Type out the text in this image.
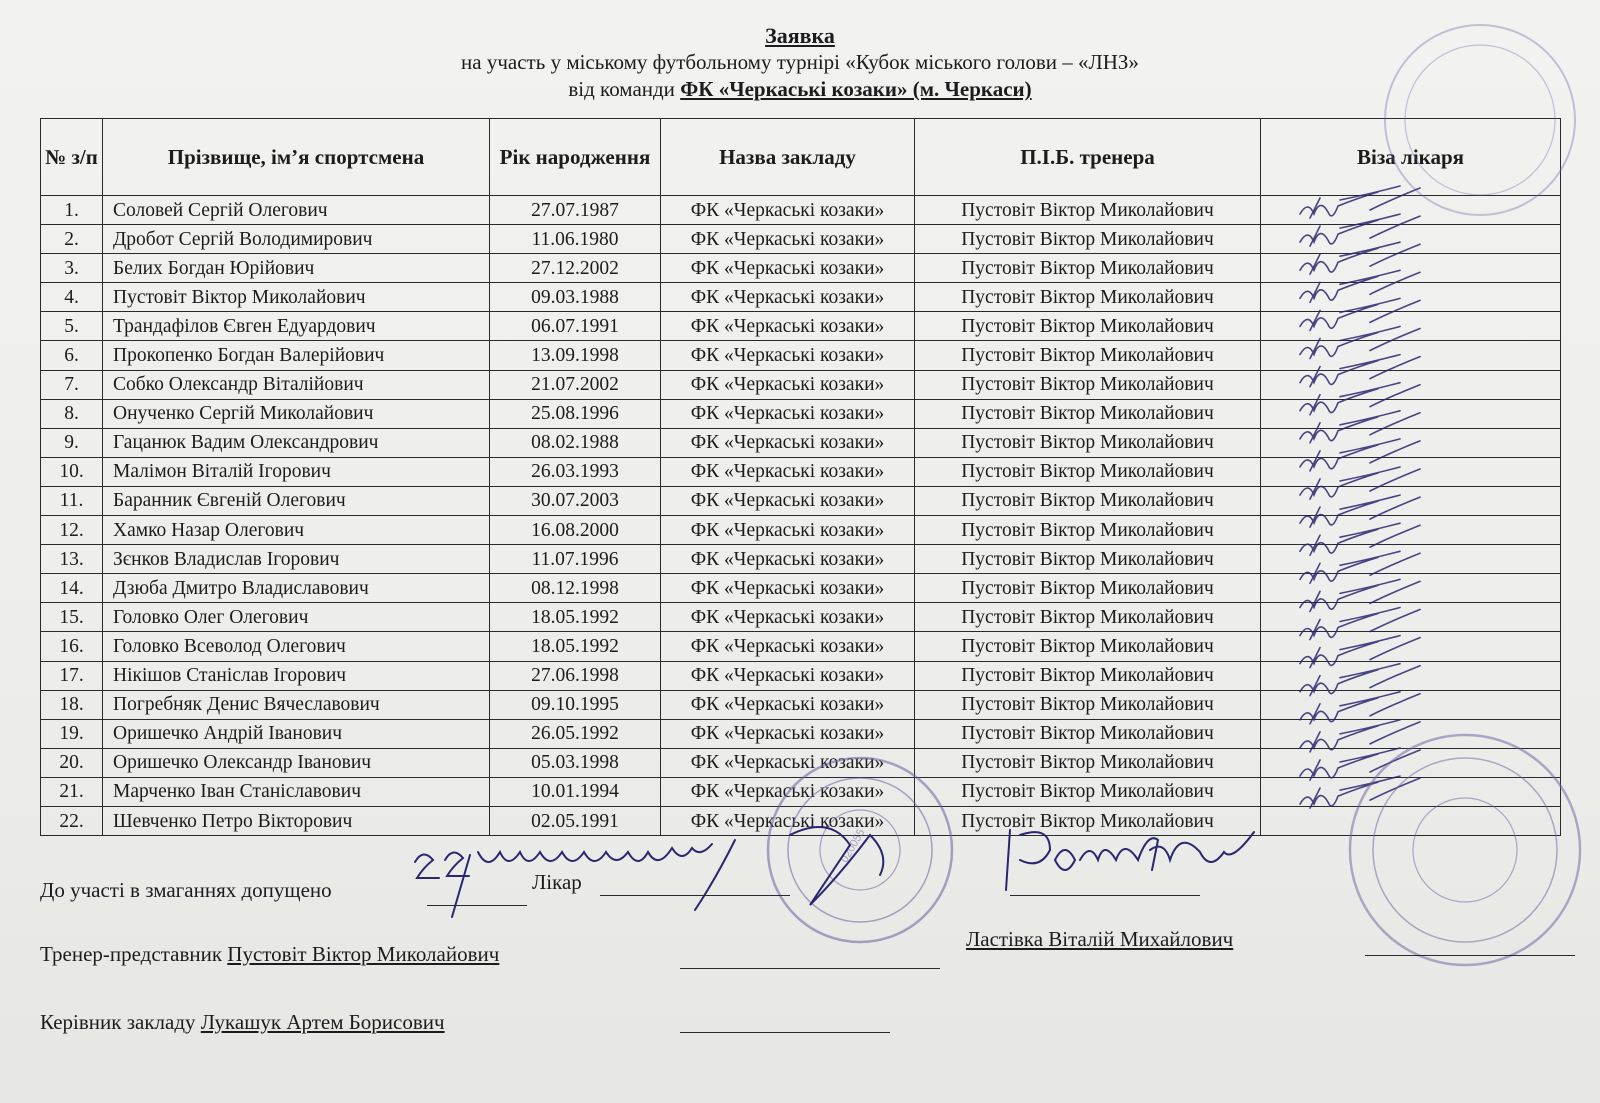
Заявка
на участь у міському футбольному турнірі «Кубок міського голови – «ЛНЗ»
від команди ФК «Черкаські козаки» (м. Черкаси)
№ з/п	Прізвище, ім’я спортсмена	Рік народження	Назва закладу	П.І.Б. тренера	Віза лікаря
1.	Соловей Сергій Олегович	27.07.1987	ФК «Черкаські козаки»	Пустовіт Віктор Миколайович	
2.	Дробот Сергій Володимирович	11.06.1980	ФК «Черкаські козаки»	Пустовіт Віктор Миколайович	
3.	Белих Богдан Юрійович	27.12.2002	ФК «Черкаські козаки»	Пустовіт Віктор Миколайович	
4.	Пустовіт Віктор Миколайович	09.03.1988	ФК «Черкаські козаки»	Пустовіт Віктор Миколайович	
5.	Трандафілов Євген Едуардович	06.07.1991	ФК «Черкаські козаки»	Пустовіт Віктор Миколайович	
6.	Прокопенко Богдан Валерійович	13.09.1998	ФК «Черкаські козаки»	Пустовіт Віктор Миколайович	
7.	Собко Олександр Віталійович	21.07.2002	ФК «Черкаські козаки»	Пустовіт Віктор Миколайович	
8.	Онученко Сергій Миколайович	25.08.1996	ФК «Черкаські козаки»	Пустовіт Віктор Миколайович	
9.	Гацанюк Вадим Олександрович	08.02.1988	ФК «Черкаські козаки»	Пустовіт Віктор Миколайович	
10.	Малімон Віталій Ігорович	26.03.1993	ФК «Черкаські козаки»	Пустовіт Віктор Миколайович	
11.	Баранник Євгеній Олегович	30.07.2003	ФК «Черкаські козаки»	Пустовіт Віктор Миколайович	
12.	Хамко Назар Олегович	16.08.2000	ФК «Черкаські козаки»	Пустовіт Віктор Миколайович	
13.	Зєнков Владислав Ігорович	11.07.1996	ФК «Черкаські козаки»	Пустовіт Віктор Миколайович	
14.	Дзюба Дмитро Владиславович	08.12.1998	ФК «Черкаські козаки»	Пустовіт Віктор Миколайович	
15.	Головко Олег Олегович	18.05.1992	ФК «Черкаські козаки»	Пустовіт Віктор Миколайович	
16.	Головко Всеволод Олегович	18.05.1992	ФК «Черкаські козаки»	Пустовіт Віктор Миколайович	
17.	Нікішов Станіслав Ігорович	27.06.1998	ФК «Черкаські козаки»	Пустовіт Віктор Миколайович	
18.	Погребняк Денис Вячеславович	09.10.1995	ФК «Черкаські козаки»	Пустовіт Віктор Миколайович	
19.	Оришечко Андрій Іванович	26.05.1992	ФК «Черкаські козаки»	Пустовіт Віктор Миколайович	
20.	Оришечко Олександр Іванович	05.03.1998	ФК «Черкаські козаки»	Пустовіт Віктор Миколайович	
21.	Марченко Іван Станіславович	10.01.1994	ФК «Черкаські козаки»	Пустовіт Віктор Миколайович	
22.	Шевченко Петро Вікторович	02.05.1991	ФК «Черкаські козаки»	Пустовіт Віктор Миколайович	
020055
До участі в змаганнях допущено	Лікар
Тренер-представник Пустовіт Віктор Миколайович
Ластівка Віталій Михайлович
Керівник закладу Лукашук Артем Борисович
